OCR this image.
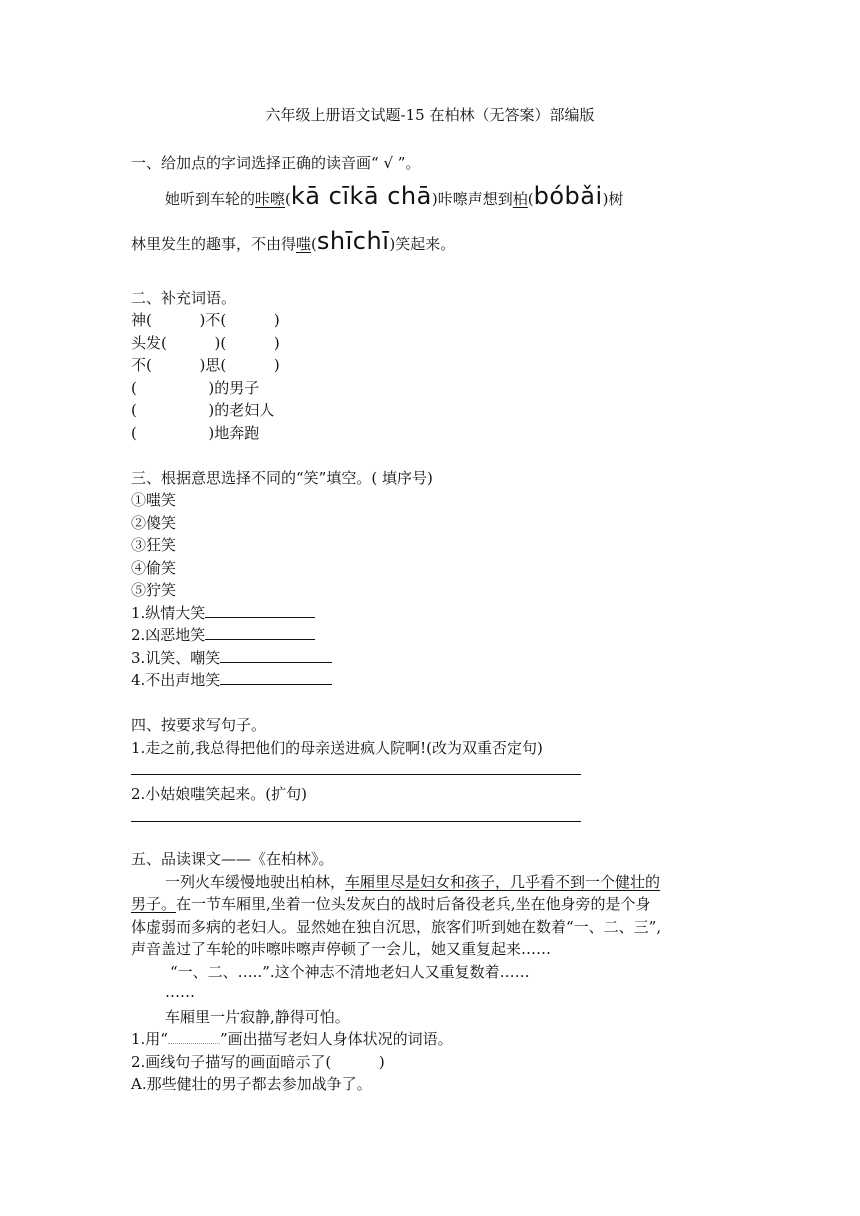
六年级上册语文试题-15 在柏林（无答案）部编版
一、给加点的字词选择正确的读音画“ √ ”。
她听到车轮的咔嚓(kā cīkā chā)咔嚓声想到柏(bóbǎi)树
林里发生的趣事，不由得嗤(shīchī)笑起来。
二、补充词语。
神(          )不(          )
头发(          )(          )
不(          )思(          )
(               )的男子
(               )的老妇人
(               )地奔跑
三、根据意思选择不同的“笑”填空。( 填序号)
①嗤笑
②傻笑
③狂笑
④偷笑
⑤狞笑
1.纵情大笑
2.凶恶地笑
3.讥笑、嘲笑
4.不出声地笑
四、按要求写句子。
1.走之前,我总得把他们的母亲送进疯人院啊!(改为双重否定句)
2.小姑娘嗤笑起来。(扩句)
五、品读课文——《在柏林》。
一列火车缓慢地驶出柏林，车厢里尽是妇女和孩子，几乎看不到一个健壮的
男子。在一节车厢里,坐着一位头发灰白的战时后备役老兵,坐在他身旁的是个身
体虚弱而多病的老妇人。显然她在独自沉思，旅客们听到她在数着“一、二、三”,
声音盖过了车轮的咔嚓咔嚓声停顿了一会儿，她又重复起来……
“一、二、…..”.这个神志不清地老妇人又重复数着……
……
车厢里一片寂静,静得可怕。
1.用“	”画出描写老妇人身体状况的词语。
2.画线句子描写的画面暗示了(          )
A.那些健壮的男子都去参加战争了。
